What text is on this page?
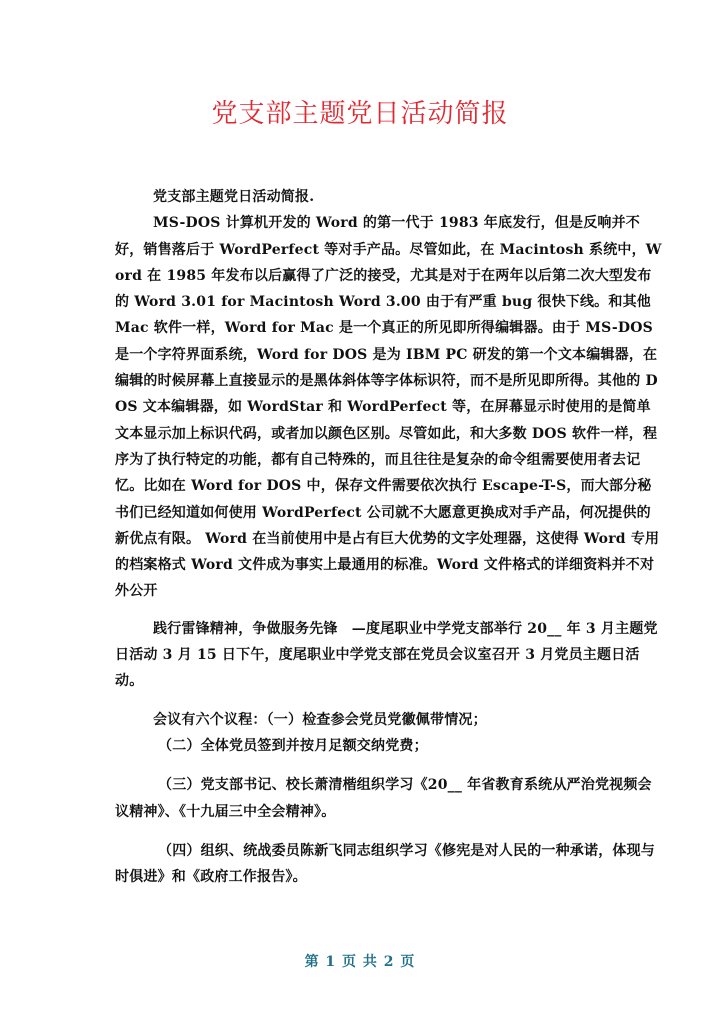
党支部主题党日活动简报

党支部主题党日活动简报.

MS-DOS 计算机开发的 Word 的第一代于 1983 年底发行，但是反响并不好，销售落后于 WordPerfect 等对手产品。尽管如此，在 Macintosh 系统中，Word 在 1985 年发布以后赢得了广泛的接受，尤其是对于在两年以后第二次大型发布的 Word 3.01 for Macintosh Word 3.00 由于有严重 bug 很快下线。和其他 Mac 软件一样，Word for Mac 是一个真正的所见即所得编辑器。由于 MS-DOS 是一个字符界面系统，Word for DOS 是为 IBM PC 研发的第一个文本编辑器，在编辑的时候屏幕上直接显示的是黑体斜体等字体标识符，而不是所见即所得。其他的 DOS 文本编辑器，如 WordStar 和 WordPerfect 等，在屏幕显示时使用的是简单文本显示加上标识代码，或者加以颜色区别。尽管如此，和大多数 DOS 软件一样，程序为了执行特定的功能，都有自己特殊的，而且往往是复杂的命令组需要使用者去记忆。比如在 Word for DOS 中，保存文件需要依次执行 Escape-T-S，而大部分秘书们已经知道如何使用 WordPerfect 公司就不大愿意更换成对手产品，何况提供的新优点有限。 Word 在当前使用中是占有巨大优势的文字处理器，这使得 Word 专用的档案格式 Word 文件成为事实上最通用的标准。Word 文件格式的详细资料并不对外公开

践行雷锋精神，争做服务先锋　—度尾职业中学党支部举行 20__ 年 3 月主题党日活动 3 月 15 日下午，度尾职业中学党支部在党员会议室召开 3 月党员主题日活动。

会议有六个议程：（一）检查参会党员党徽佩带情况；

（二）全体党员签到并按月足额交纳党费；

（三）党支部书记、校长萧清楷组织学习《20__ 年省教育系统从严治党视频会议精神》、《十九届三中全会精神》。

（四）组织、统战委员陈新飞同志组织学习《修宪是对人民的一种承诺，体现与时俱进》和《政府工作报告》。

第 1 页 共 2 页
